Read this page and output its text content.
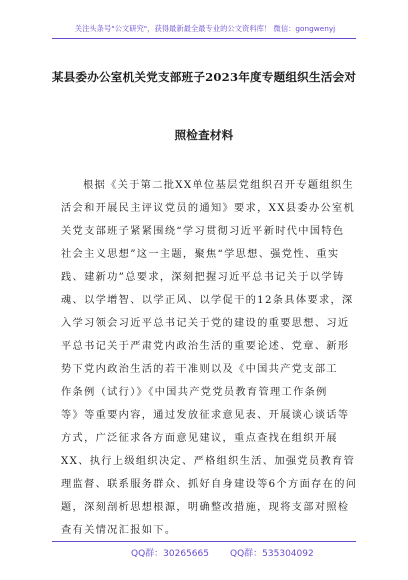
关注头条号"公文研究"，获得最新最全最专业的公文资料库！ 微信：gongwenyj
某县委办公室机关党支部班子2023年度专题组织生活会对
照检查材料
根据《关于第二批XX单位基层党组织召开专题组织生
活会和开展民主评议党员的通知》要求，XX县委办公室机
关党支部班子紧紧围绕“学习贯彻习近平新时代中国特色
社会主义思想”这一主题，聚焦“学思想、强党性、重实
践、建新功”总要求，深刻把握习近平总书记关于以学铸
魂、以学增智、以学正风、以学促干的12条具体要求，深
入学习领会习近平总书记关于党的建设的重要思想、习近
平总书记关于严肃党内政治生活的重要论述、党章、新形
势下党内政治生活的若干准则以及《中国共产党支部工
作条例（试行）》《中国共产党党员教育管理工作条例
等》等重要内容，通过发放征求意见表、开展谈心谈话等
方式，广泛征求各方面意见建议，重点查找在组织开展
XX、执行上级组织决定、严格组织生活、加强党员教育管
理监督、联系服务群众、抓好自身建设等6个方面存在的问
题，深刻剖析思想根源，明确整改措施，现将支部对照检
查有关情况汇报如下。
QQ群：30265665 QQ群：535304092
